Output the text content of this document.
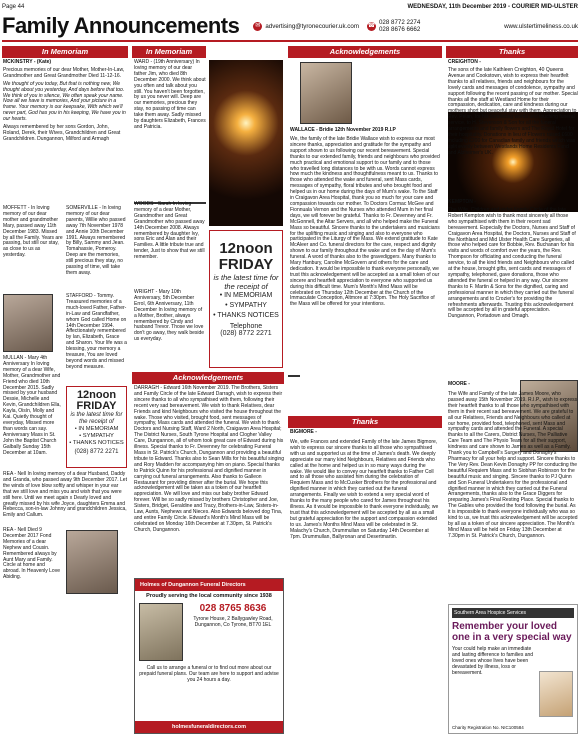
Page 44	WEDNESDAY, 11th December 2019 - COURIER MID-ULSTER
Family Announcements	✉ advertising@tyronecourier.uk.com ☎ 028 8772 2274
028 8676 6662	www.ulstertimeliness.co.uk
In Memoriam

MCKINSTRY - (Kate)

Precious memories of our dear Mother, Mother-In-Law, Grandmother and Great Grandmother Died 11-12-16.

We thought of you today, But that is nothing new, We thought about you yesterday, And days before that too. We think of you in silence, We often speak your name. Now all we have is memories, And your picture in a frame. Your memory is our keepsake, With which we'll never part, God has you in his keeping, We have you in our hearts.

Always remembered by her sons Gordon, John, Roland, Derek, their Wives, Grandchildren and Great Grandchildren. Dungannon, Milford and Armagh

MOFFETT - In loving memory of our dear mother and grandmother Mary, passed away 11th December 1983. Missed by all the Family. Years are passing, but still our stay, as close to us as yesterday.
SOMERVILLE - In loving memory of our dear parents, Willie who passed away 7th November 1978 and Annie 10th December 1991. Always remembered by Billy, Sammy and Jean. Tomahassie, Pomeroy. Deep are the memories, still precious they stay, no passing of time, will take them away.
MULLAN - Mary 4th Anniversary In loving memory of a dear Wife, Mother, Grandmother and Friend who died 10th December 2015. Sadly missed by your husband Dessie, Michelle and Kevin, Grandchildren Ella, Kayla, Oisín, Molly and Kai. Quietly thought of everyday, Missed more than words can say. Anniversary Mass in St. John the Baptist Church Galbally Sunday 15th December at 10am.
STAFFORD - Tommy. Treasured memories of a much-loved Father, Father-in-Law and Grandfather, whom God called Home on 14th December 1994. Affectionately remembered by Ian, Elizabeth, Grace and Sharon. Your life was a blessing, your memory a treasure, You are loved beyond words and missed beyond measure.
12noon
FRIDAY
is the latest time for the receipt of
• IN MEMORIAM
• SYMPATHY
• THANKS NOTICES
(028) 8772 2271
REA - Nell In loving memory of a dear Husband, Daddy and Granda, who passed away 9th December 2017. Let the winds of love blow softly and whisper in your ear that we still love and miss you and wish that you were still here. Until we meet again x Dearly loved and greatly missed by his wife Joyce, daughters Emma and Rebecca, son-in-law Johnny and grandchildren Jessica, Emily and Callum.
REA - Nell Died 9 December 2017 Fond Memories of a dear Nephew and Cousin. Remembered always by Aunt Mary and Family. Circle at home and abroad. In Heavenly Love Abiding.
In Memoriam
WARD - (19th Anniversary) In loving memory of our dear father Jim, who died 8th December 2000. We think about you often and talk about you still. You haven't been forgotten, by us you never will. Deep are our memories, precious they stay, no passing of time can take them away. Sadly missed by daughters Elizabeth, Frances and Patricia.
WOODS - Sarah In loving memory of a dear Mother, Grandmother and Great Grandmother who passed away 14th December 2008. Always remembered by daughter Ivy, sons Eric and Alan and their Families. A little tribute true and tender, Just to show that we still remember.
WRIGHT - Mary 10th Anniversary, 5th December Errol, 6th Anniversary, 11th December In loving memory of a Mother, Brother, always remembered by Cindy and husband Trevor. Those we love don't go away, they walk beside us everyday.
12noon
FRIDAY
is the latest time for the receipt of
• IN MEMORIAM
• SYMPATHY
• THANKS NOTICES
Telephone
(028) 8772 2271
Acknowledgements
DARRAGH - Edward 16th November 2019. The Brothers, Sisters and Family Circle of the late Edward Darragh, wish to express their sincere thanks to all who sympathised with them, following their recent very sad bereavement. We wish to thank Relatives, dear Friends and kind Neighbours who visited the house throughout the wake. Those who visited, brought food, sent messages of sympathy, Mass cards and attended the funeral. We wish to thank Doctors and Nursing Staff, Ward 2 North, Craigavon Area Hospital; The District Nurses, South Tyrone Hospital and Clogher Valley Care, Dungannon, all of whom took great care of Edward during his illness. Special thanks to Fr. Devenney for celebrating Funeral Mass in St. Patrick's Church, Dungannon and providing a beautiful tribute to Edward. Thanks also to Sean Mills for his beautiful singing and Rory Madden for accompanying him on piano. Special thanks to Patrick Quinn for his professional and dignified manner in carrying out funeral arrangements. Also thanks to Galleon Restaurant for providing dinner after the burial. We hope this acknowledgement will be taken as a token of our heartfelt appreciation. We will love and miss our baby brother Edward forever. Will be so sadly missed by brothers Christopher and Joe, Sisters, Bridget, Geraldine and Tracy, Brothers-in-Law, Sisters-in-Law, Aunts, Nephews and Nieces. Also Edwards beloved dog Tina, and entire Family Circle. Edward's Month's Mind Mass will be celebrated on Monday 16th December at 7.30pm, St. Patrick's Church, Dungannon.
Holmes of Dungannon Funeral Directors
Proudly serving the local community since 1938
028 8765 8636
Tyrone House, 2 Ballygawley Road, Dungannon, Co Tyrone, BT70 1EL
Call us to arrange a funeral or to find out more about our prepaid funeral plans. Our team are here to support and advise you 24 hours a day.
holmesfuneraldirectors.com
Acknowledgements
WALLACE - Bridie 12th November 2019 R.I.P
We, the family of the late Bridie Wallace wish to express our most sincere thanks, appreciation and gratitude for the sympathy and support shown to us following our recent bereavement. Special thanks to our extended family, friends and neighbours who provided much practical and emotional support to our family and to those who travelled long distances to be with us. Words cannot express how much the kindness and thoughtfulness meant to us. Thanks to those who attended the wake and funeral, sent Mass cards, messages of sympathy, floral tributes and who brought food and helped us in our home during the days of Mum's wake. To the Staff in Craigavon Area Hospital, thank you so much for your care and compassion towards our mother. To Doctors Cormac McGee and Fionnuala Vernon and the Nurses who attended Mum in her final days, we will forever be grateful. Thanks to Fr. Devenney and Fr. McGonnell, the Altar Servers, and all who helped make the Funeral Mass so beautiful. Sincere thanks to the undertakers and musicians for the uplifting music and singing and also to everyone who participated in the Liturgy of the Mass. We extend gratitude to Kate McAleer and Co. funeral directors for the care, respect and dignity shown to our family throughout the wake and on the day of Mum's funeral. A word of thanks also to the gravediggers. Many thanks to Mary Hanbury, Caroline McGovern and others for the care and dedication. It would be impossible to thank everyone personally, we trust this acknowledgement will be accepted as a small token of our sincere and heartfelt appreciation to everyone who supported us during this difficult time. Mum's Month's Mind Mass will be celebrated on Thursday 12th December at the Church of the Immaculate Conception, Altmore at 7:30pm. The Holy Sacrifice of the Mass will be offered for your intentions.
Thanks
BIGMORE -
We, wife Frances and extended Family of the late James Bigmore, wish to express our sincere thanks to all those who sympathised with us and supported us at the time of James's death. We deeply appreciate our many kind Neighbours, Relatives and Friends who called at the home and helped us in so many ways during the wake. We would like to convey our heartfelt thanks to Father Coll and to all those who assisted him during the celebration of Requiem Mass and to McCusker Brothers for the professional and dignified manner in which they carried out the funeral arrangements. Finally we wish to extend a very special word of thanks to the many people who cared for James throughout his illness. As it would be impossible to thank everyone individually, we trust that this acknowledgement will be accepted by all as a small but grateful appreciation for the support and compassion extended to us. James's Months Mind Mass will be celebrated in St. Malachy's Church, Drummullan on Saturday 14th December at 7pm. Drummullan, Ballyronan and Desertmartin.
Thanks
CREIGHTON -
The sons of the late Kathleen Creighton, 40 Queens Avenue and Cookstown, wish to express their heartfelt thanks to all relatives, friends and neighbours for the lovely cards and messages of condolence, sympathy and support following the recent passing of our mother. Special thanks all the staff at Westland Home for their compassion, dedication, care and kindness during our mothers short but peaceful stay with them. Appreciation to Rev. Pelan, for his comforting words and touching funeral service, to H. Stevenson & Son for all the funeral arrangements and family flowers and The Royal Hotel for their hospitality. Donations in lieu of Flowers raised £600 including £200 for Canadian family and friends which was split evenly between Westlands Home Residents Fund and Alzheimer's UK.
KEMPTON -
The Wife, Children and wider Family Circle of the late Robert Kempton wish to thank most sincerely all those who sympathised with them in their recent sad bereavement. Especially the Doctors, Nurses and Staff of Craigavon Area Hospital, the Doctors, Nurses and Staff of the Northland and Mid Ulster Health Care Surgeries, all those who helped care for Bobbie, Rev. Buchanan for his visits and words of comfort over the years, the Rev. Thompson for officiating and conducting the funeral service, to all the kind friends and Neighbours who called at the house, brought gifts, sent cards and messages of sympathy, telephoned, gave donations, those who attended the funeral or helped in any way. Our sincere thanks to F. Martin & Sons for the dignified, caring and professional manner in which they carried out the funeral arrangements and to Crozier's for providing the refreshments afterwards. Trusting this acknowledgement will be accepted by all in grateful appreciation. Dungannon, Portadown and Omagh.
MOORE -
The Wife and Family of the late James Moore, who passed away 15th November 2019. R.I.P., wish to express their heartfelt thanks to all those who sympathised with them in their recent sad bereavement. We are grateful to all our Relatives, Friends and Neighbours who called at our home, provided food, telephoned, sent Mass and sympathy cards and attended the Funeral. A special thanks to all the Carers, District Nurses, The Palliative Care Team and The Physio Team for all their support, kindness and care shown to James as well as a Family. Thank you to Campbell's Surgery and Donaghy's Pharmacy for all your help and support. Sincere thanks to The Very Rev. Dean Kevin Donaghy PP for conducting the beautiful Requiem Mass and to Siobhan Robinson for the beautiful music and singing. Sincere thanks to PJ Quinn and Son Funeral Undertakers for the professional and dignified manner in which they carried out the Funeral Arrangements, thanks also to the Grace Diggers for preparing James's Final Resting Place. Special thanks to The Gables who provided the food following the burial. As it is impossible to thank everyone individually who was so kind to us, we trust this acknowledgement will be accepted by all as a token of our sincere appreciation. The Month's Mind Mass will be held on Friday 13th December at 7.30pm in St. Patrick's Church, Dungannon.
Southern Area Hospice Services
Remember your loved one in a very special way
Your could help make an immediate and lasting difference to families and loved ones whose lives have been devastated by illness, loss or bereavement.
Charity Registration No. NIC100584
